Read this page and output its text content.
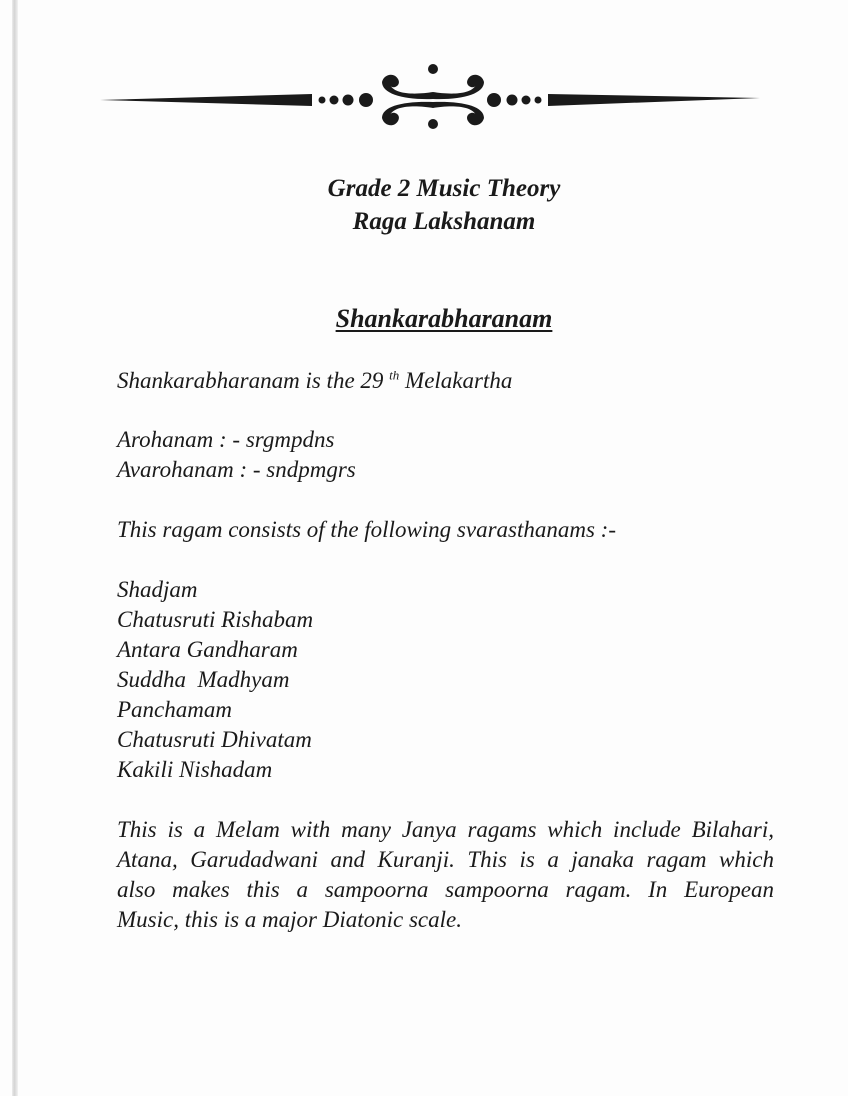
Grade 2 Music Theory
Raga Lakshanam
Shankarabharanam
Shankarabharanam is the 29 $^{th}$ Melakartha
Arohanam : - srgmpdns
Avarohanam : - sndpmgrs
This ragam consists of the following svarasthanams :-
Shadjam
Chatusruti Rishabam
Antara Gandharam
Suddha  Madhyam
Panchamam
Chatusruti Dhivatam
Kakili Nishadam
This is a Melam with many Janya ragams which include Bilahari,
Atana, Garudadwani and Kuranji. This is a janaka ragam which
also makes this a sampoorna sampoorna ragam. In European
Music, this is a major Diatonic scale.
